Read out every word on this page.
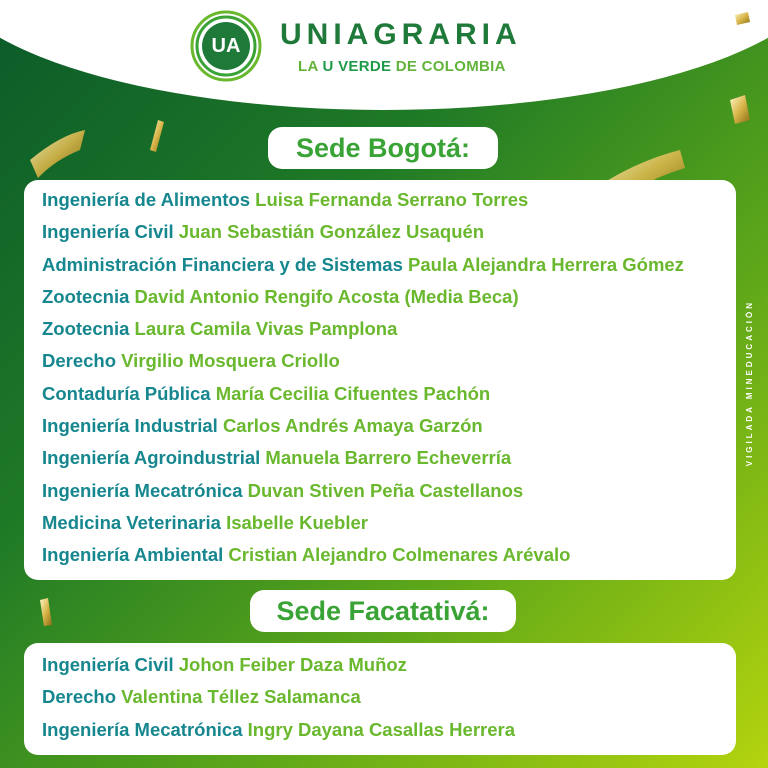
UA	UNIAGRARIA
LA U VERDE DE COLOMBIA
Sede Bogotá:
Ingeniería de Alimentos Luisa Fernanda Serrano Torres
Ingeniería Civil Juan Sebastián González Usaquén
Administración Financiera y de Sistemas Paula Alejandra Herrera Gómez
Zootecnia David Antonio Rengifo Acosta (Media Beca)
Zootecnia Laura Camila Vivas Pamplona
Derecho Virgilio Mosquera Criollo
Contaduría Pública María Cecilia Cifuentes Pachón
Ingeniería Industrial Carlos Andrés Amaya Garzón
Ingeniería Agroindustrial Manuela Barrero Echeverría
Ingeniería Mecatrónica Duvan Stiven Peña Castellanos
Medicina Veterinaria Isabelle Kuebler
Ingeniería Ambiental Cristian Alejandro Colmenares Arévalo
Sede Facatativá:
Ingeniería Civil Johon Feiber Daza Muñoz
Derecho Valentina Téllez Salamanca
Ingeniería Mecatrónica Ingry Dayana Casallas Herrera
VIGILADA MINEDUCACIÓN
